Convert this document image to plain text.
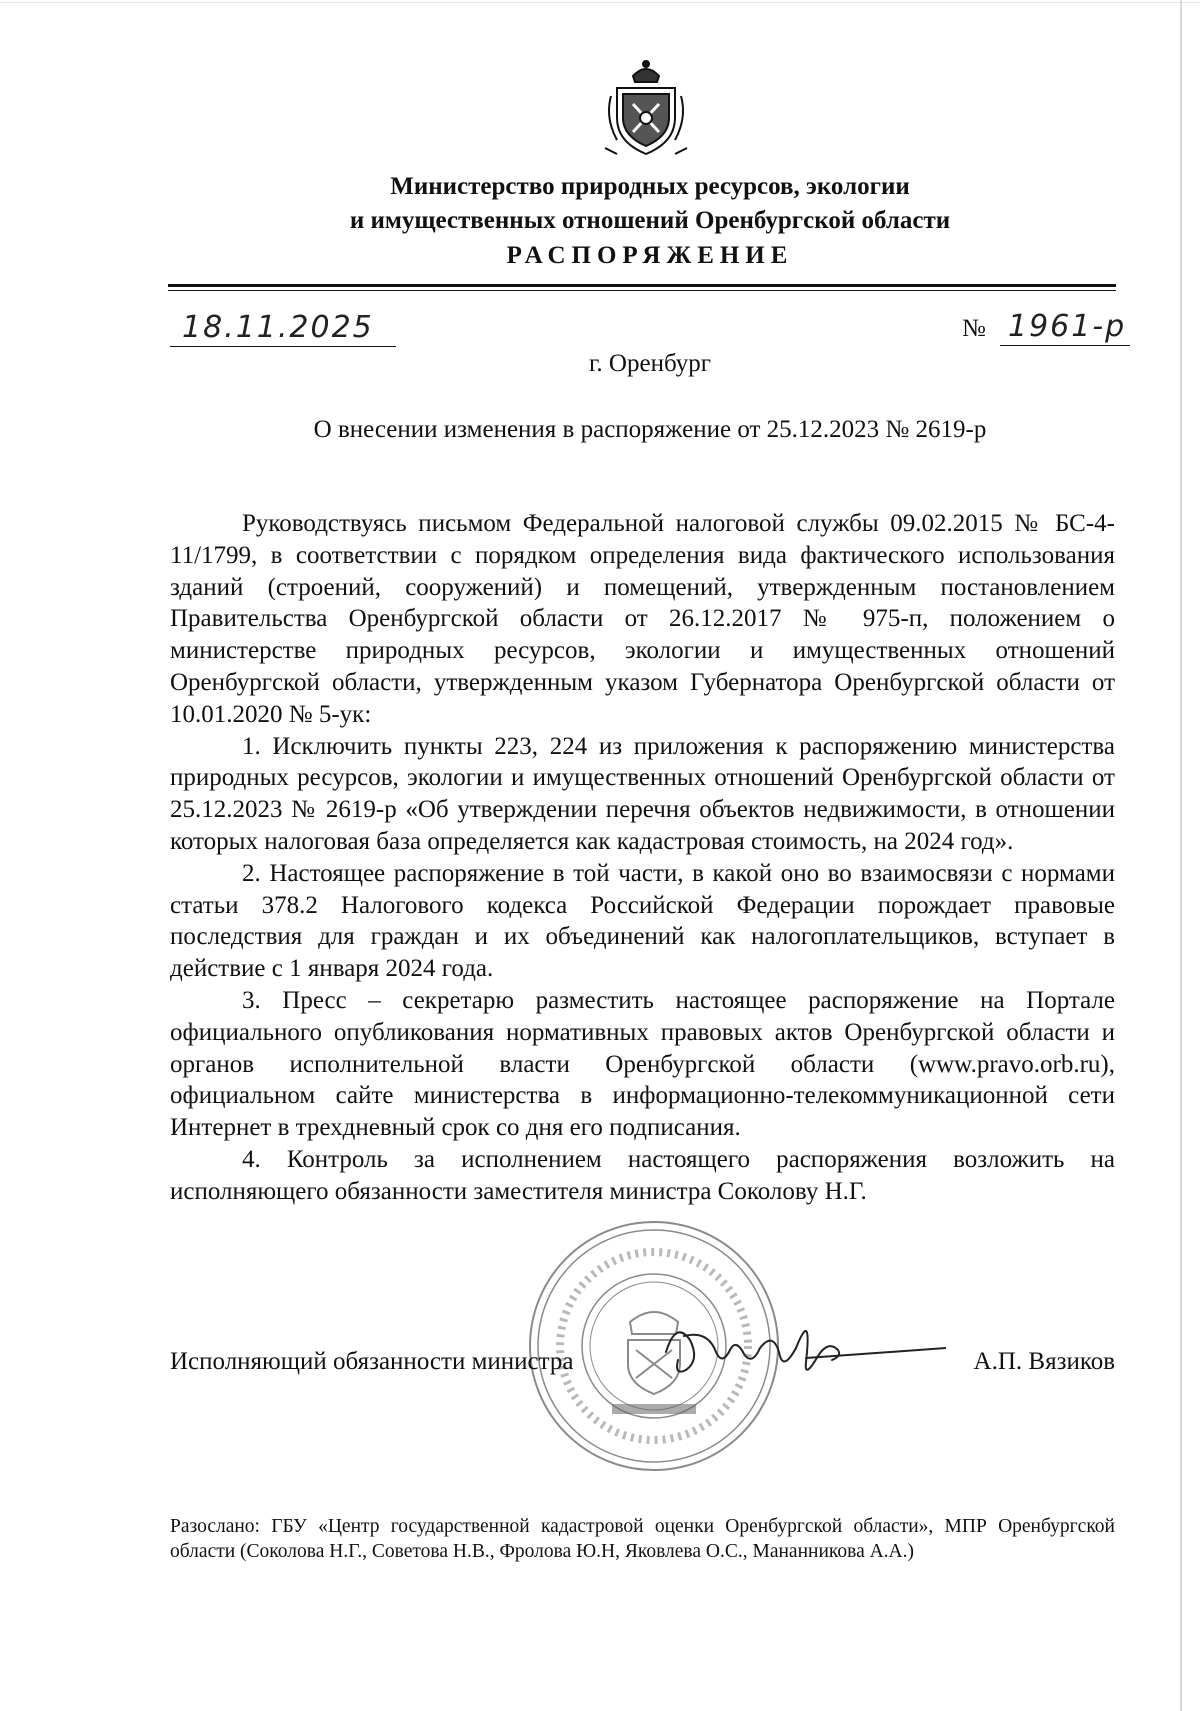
Министерство природных ресурсов, экологии
и имущественных отношений Оренбургской области
РАСПОРЯЖЕНИЕ
18.11.2025	№ 1961-р
г. Оренбург
О внесении изменения в распоряжение от 25.12.2023 № 2619-р

Руководствуясь письмом Федеральной налоговой службы 09.02.2015 № БС-4-11/1799, в соответствии с порядком определения вида фактического использования зданий (строений, сооружений) и помещений, утвержденным постановлением Правительства Оренбургской области от 26.12.2017 № 975-п, положением о министерстве природных ресурсов, экологии и имущественных отношений Оренбургской области, утвержденным указом Губернатора Оренбургской области от 10.01.2020 № 5-ук:

1. Исключить пункты 223, 224 из приложения к распоряжению министерства природных ресурсов, экологии и имущественных отношений Оренбургской области от 25.12.2023 № 2619-р «Об утверждении перечня объектов недвижимости, в отношении которых налоговая база определяется как кадастровая стоимость, на 2024 год».

2. Настоящее распоряжение в той части, в какой оно во взаимосвязи с нормами статьи 378.2 Налогового кодекса Российской Федерации порождает правовые последствия для граждан и их объединений как налогоплательщиков, вступает в действие с 1 января 2024 года.

3. Пресс – секретарю разместить настоящее распоряжение на Портале официального опубликования нормативных правовых актов Оренбургской области и органов исполнительной власти Оренбургской области (www.pravo.orb.ru), официальном сайте министерства в информационно-телекоммуникационной сети Интернет в трехдневный срок со дня его подписания.

4. Контроль за исполнением настоящего распоряжения возложить на исполняющего обязанности заместителя министра Соколову Н.Г.

Исполняющий обязанности министра	А.П. Вязиков
Разослано: ГБУ «Центр государственной кадастровой оценки Оренбургской области», МПР Оренбургской области (Соколова Н.Г., Советова Н.В., Фролова Ю.Н, Яковлева О.С., Мананникова А.А.)
